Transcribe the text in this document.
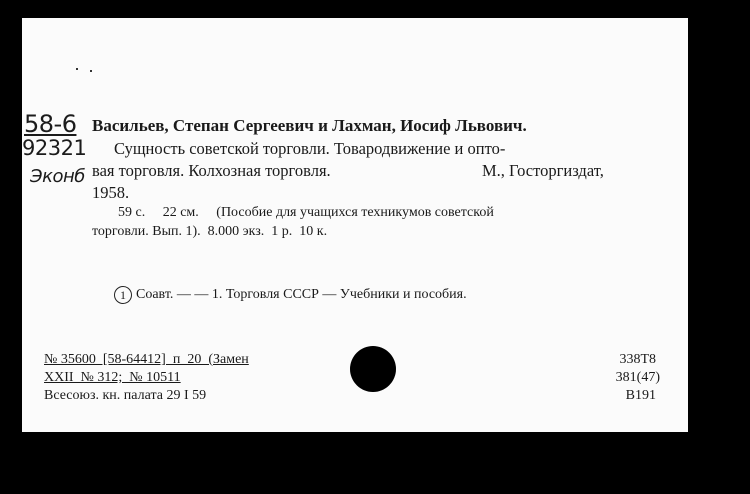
58-6
92321
Эконб
Васильев, Степан Сергеевич и Лахман, Иосиф Львович.
Сущность советской торговли. Товародвижение и опто-
вая торговля. Колхозная торговля.	М., Госторгиздат,
1958.
59 с.     22 см.     (Пособие для учащихся техникумов советской
торговли. Вып. 1).  8.000 экз.  1 р.  10 к.
1 Соавт. — — 1. Торговля СССР — Учебники и пособия.
№ 35600  [58-64412]  п  20  (Замен
XXII  № 312;  № 10511
Всесоюз. кн. палата 29 I 59
338Т8
381(47)
В191
